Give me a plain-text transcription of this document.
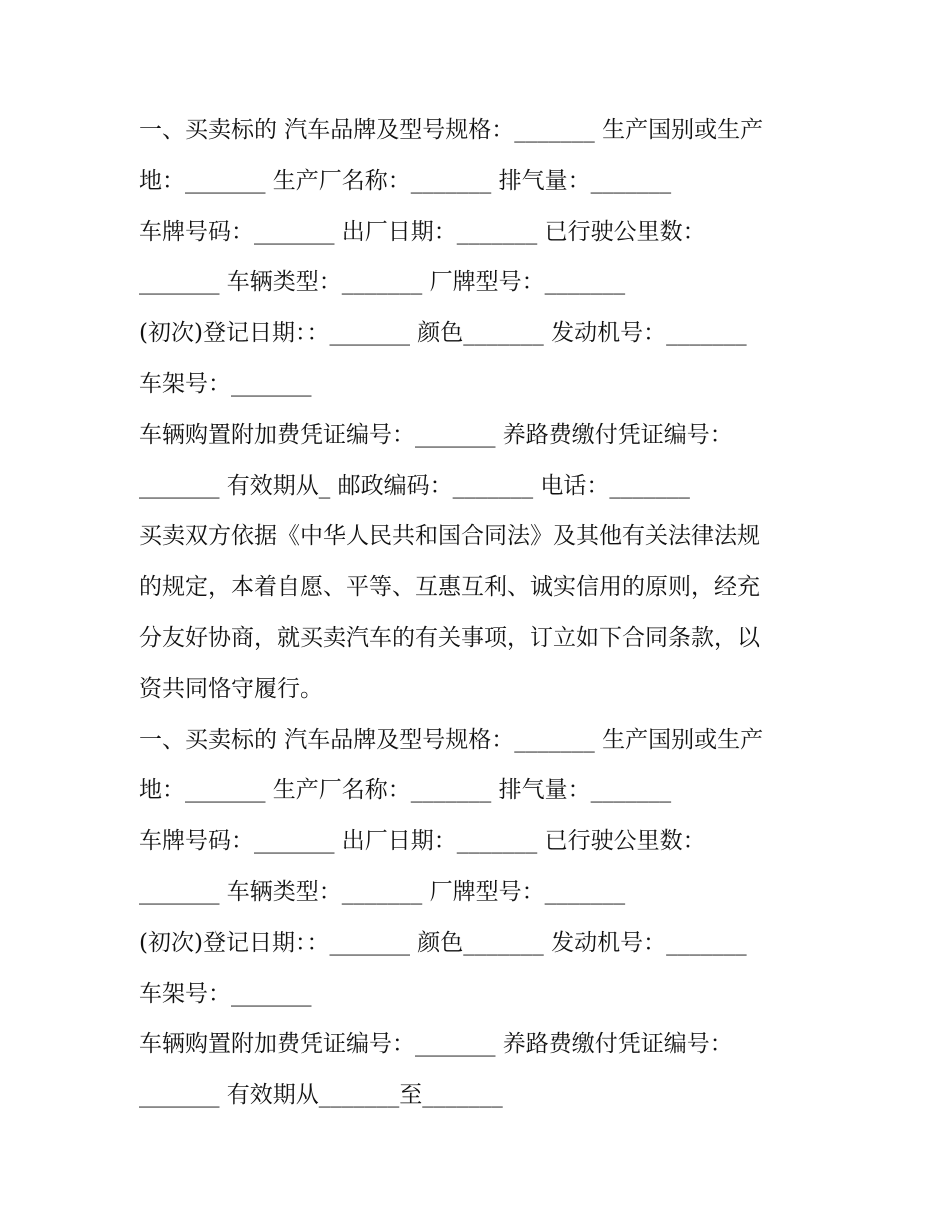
一、买卖标的 汽车品牌及型号规格：_______ 生产国别或生产
地：_______ 生产厂名称：_______ 排气量：_______
车牌号码：_______ 出厂日期：_______ 已行驶公里数：
_______ 车辆类型：_______ 厂牌型号：_______
(初次)登记日期：：_______ 颜色_______ 发动机号：_______
车架号：_______
车辆购置附加费凭证编号：_______ 养路费缴付凭证编号：
_______ 有效期从_ 邮政编码：_______ 电话：_______
买卖双方依据《中华人民共和国合同法》及其他有关法律法规
的规定，本着自愿、平等、互惠互利、诚实信用的原则，经充
分友好协商，就买卖汽车的有关事项，订立如下合同条款，以
资共同恪守履行。
一、买卖标的 汽车品牌及型号规格：_______ 生产国别或生产
地：_______ 生产厂名称：_______ 排气量：_______
车牌号码：_______ 出厂日期：_______ 已行驶公里数：
_______ 车辆类型：_______ 厂牌型号：_______
(初次)登记日期：：_______ 颜色_______ 发动机号：_______
车架号：_______
车辆购置附加费凭证编号：_______ 养路费缴付凭证编号：
_______ 有效期从_______至_______
